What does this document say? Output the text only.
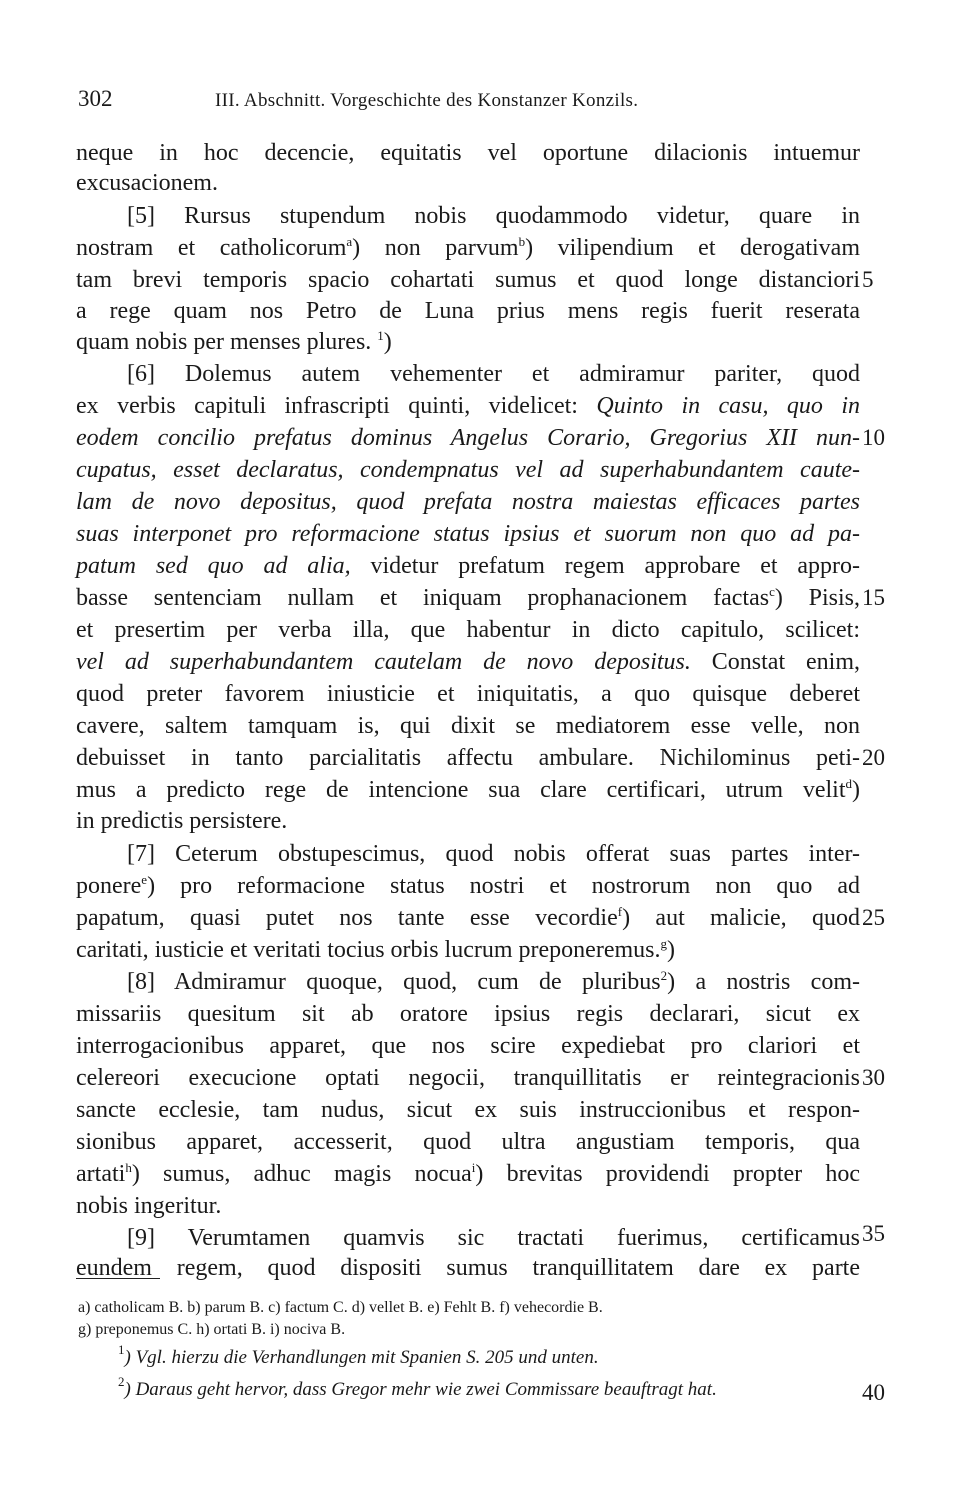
302	III. Abschnitt. Vorgeschichte des Konstanzer Konzils.
neque in hoc decencie, equitatis vel oportune dilacionis intuemur
excusacionem.
[5] Rursus stupendum nobis quodammodo videtur, quare in
nostram et catholicorum$^a$) non parvum$^b$) vilipendium et derogativam
tam brevi temporis spacio cohartati sumus et quod longe distanciori 5
a rege quam nos Petro de Luna prius mens regis fuerit reserata
quam nobis per menses plures. $^1$)
[6] Dolemus autem vehementer et admiramur pariter, quod
ex verbis capituli infrascripti quinti, videlicet: Quinto in casu, quo in
eodem concilio prefatus dominus Angelus Corario, Gregorius XII nun- 10
cupatus, esset declaratus, condempnatus vel ad superhabundantem caute-
lam de novo depositus, quod prefata nostra maiestas efficaces partes
suas interponet pro reformacione status ipsius et suorum non quo ad pa-
patum sed quo ad alia, videtur prefatum regem approbare et appro-
basse sentenciam nullam et iniquam prophanacionem factas$^c$) Pisis, 15
et presertim per verba illa, que habentur in dicto capitulo, scilicet:
vel ad superhabundantem cautelam de novo depositus. Constat enim,
quod preter favorem iniusticie et iniquitatis, a quo quisque deberet
cavere, saltem tamquam is, qui dixit se mediatorem esse velle, non
debuisset in tanto parcialitatis affectu ambulare. Nichilominus peti- 20
mus a predicto rege de intencione sua clare certificari, utrum velit$^d$)
in predictis persistere.
[7] Ceterum obstupescimus, quod nobis offerat suas partes inter-
ponere$^e$) pro reformacione status nostri et nostrorum non quo ad
papatum, quasi putet nos tante esse vecordie$^f$) aut malicie, quod 25
caritati, iusticie et veritati tocius orbis lucrum preponeremus.$^g$)
[8] Admiramur quoque, quod, cum de pluribus$^2$) a nostris com-
missariis quesitum sit ab oratore ipsius regis declarari, sicut ex
interrogacionibus apparet, que nos scire expediebat pro clariori et
celereori execucione optati negocii, tranquillitatis er reintegracionis 30
sancte ecclesie, tam nudus, sicut ex suis instruccionibus et respon-
sionibus apparet, accesserit, quod ultra angustiam temporis, qua
artati$^h$) sumus, adhuc magis nocua$^i$) brevitas providendi propter hoc
nobis ingeritur.
[9] Verumtamen quamvis sic tractati fuerimus, certificamus 35
eundem regem, quod dispositi sumus tranquillitatem dare ex parte
a) catholicam B. b) parum B. c) factum C. d) vellet B. e) Fehlt B. f) vehecordie B.
g) preponemus C. h) ortati B. i) nociva B.
$^1$) Vgl. hierzu die Verhandlungen mit Spanien S. 205 und unten.
$^2$) Daraus geht hervor, dass Gregor mehr wie zwei Commissare beauftragt hat.	40
